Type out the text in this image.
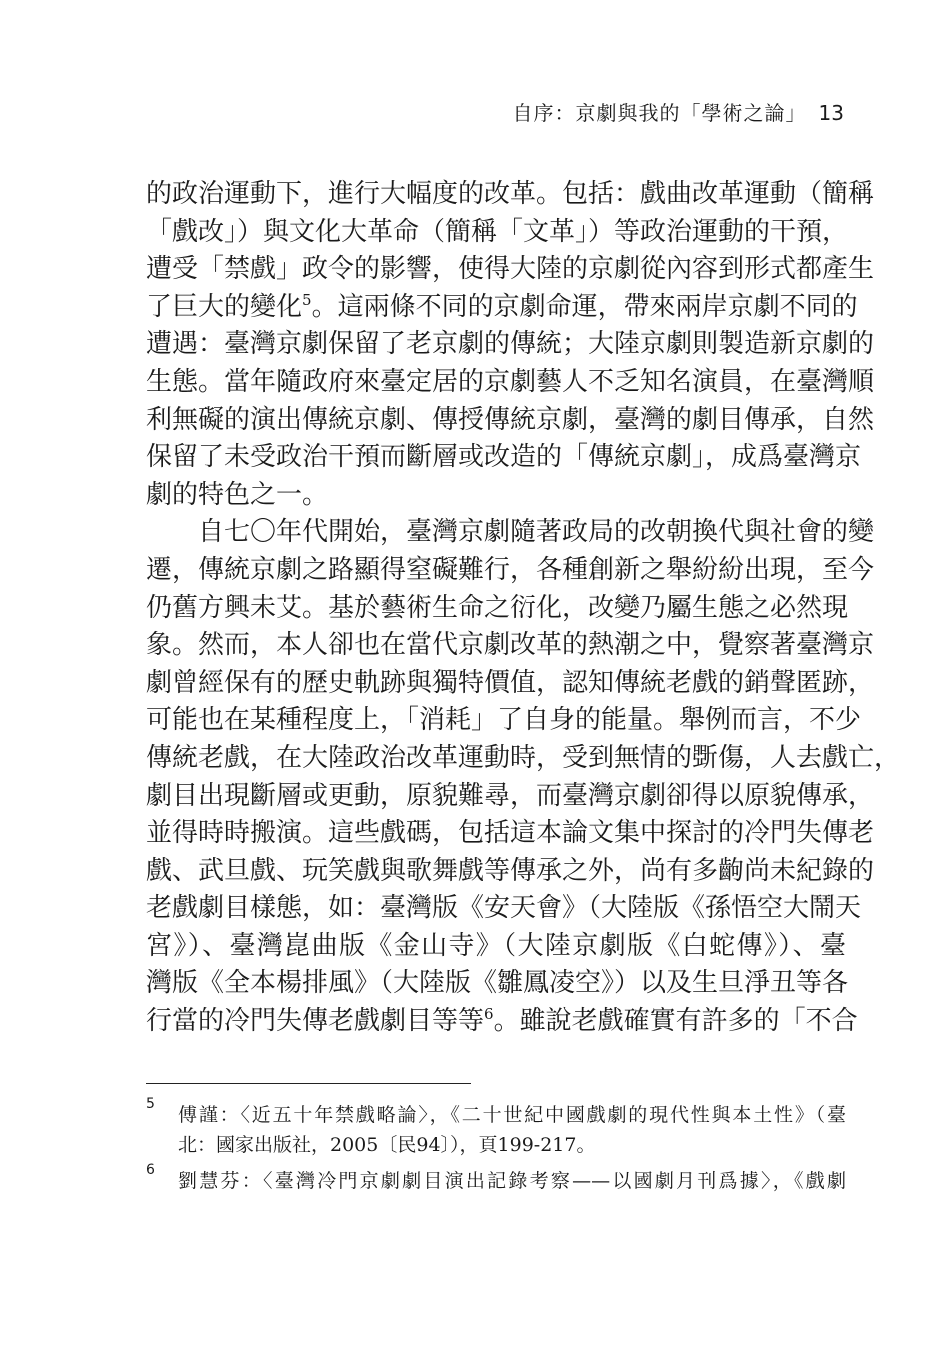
自序：京劇與我的「學術之論」 13
的政治運動下，進行大幅度的改革。包括：戲曲改革運動（簡稱
「戲改」）與文化大革命（簡稱「文革」）等政治運動的干預，
遭受「禁戲」政令的影響，使得大陸的京劇從內容到形式都產生
了巨大的變化$^5$。這兩條不同的京劇命運，帶來兩岸京劇不同的
遭遇：臺灣京劇保留了老京劇的傳統；大陸京劇則製造新京劇的
生態。當年隨政府來臺定居的京劇藝人不乏知名演員，在臺灣順
利無礙的演出傳統京劇、傳授傳統京劇，臺灣的劇目傳承，自然
保留了未受政治干預而斷層或改造的「傳統京劇」，成爲臺灣京
劇的特色之一。
自七〇年代開始，臺灣京劇隨著政局的改朝換代與社會的變
遷，傳統京劇之路顯得窒礙難行，各種創新之舉紛紛出現，至今
仍舊方興未艾。基於藝術生命之衍化，改變乃屬生態之必然現
象。然而，本人卻也在當代京劇改革的熱潮之中，覺察著臺灣京
劇曾經保有的歷史軌跡與獨特價值，認知傳統老戲的銷聲匿跡，
可能也在某種程度上，「消耗」了自身的能量。舉例而言，不少
傳統老戲，在大陸政治改革運動時，受到無情的斲傷，人去戲亡，
劇目出現斷層或更動，原貌難尋，而臺灣京劇卻得以原貌傳承，
並得時時搬演。這些戲碼，包括這本論文集中探討的冷門失傳老
戲、武旦戲、玩笑戲與歌舞戲等傳承之外，尚有多齣尚未紀錄的
老戲劇目樣態，如：臺灣版《安天會》（大陸版《孫悟空大鬧天
宮》）、臺灣崑曲版《金山寺》（大陸京劇版《白蛇傳》）、臺
灣版《全本楊排風》（大陸版《雛鳳凌空》）以及生旦淨丑等各
行當的冷門失傳老戲劇目等等$^6$。雖說老戲確實有許多的「不合
5 傅謹：〈近五十年禁戲略論〉，《二十世紀中國戲劇的現代性與本土性》（臺
北：國家出版社，2005〔民94〕），頁199-217。
6 劉慧芬：〈臺灣冷門京劇劇目演出記錄考察——以國劇月刊爲據〉，《戲劇
